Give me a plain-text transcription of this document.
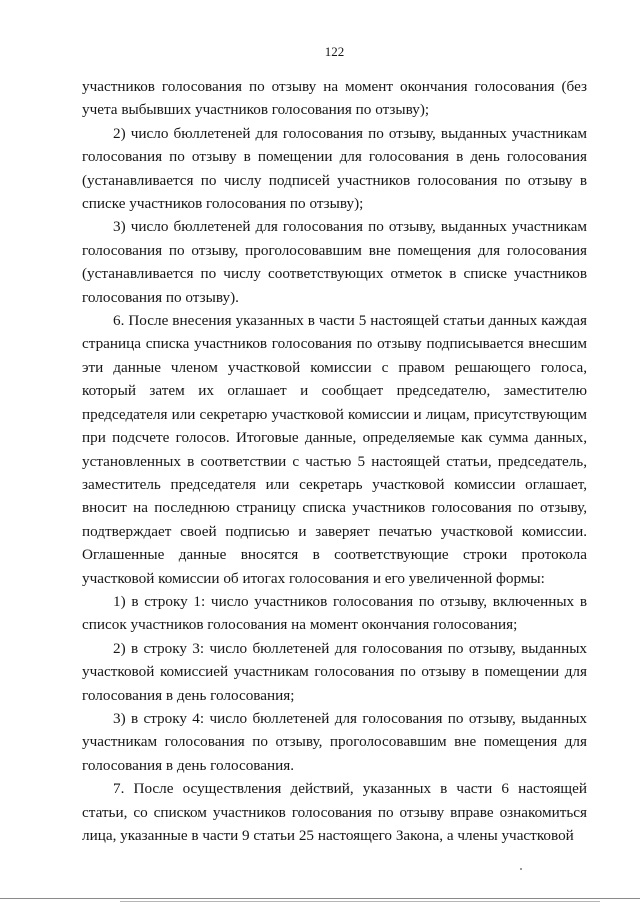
122

участников голосования по отзыву на момент окончания голосования (без учета выбывших участников голосования по отзыву);

2) число бюллетеней для голосования по отзыву, выданных участникам голосования по отзыву в помещении для голосования в день голосования (устанавливается по числу подписей участников голосования по отзыву в списке участников голосования по отзыву);

3) число бюллетеней для голосования по отзыву, выданных участникам голосования по отзыву, проголосовавшим вне помещения для голосования (устанавливается по числу соответствующих отметок в списке участников голосования по отзыву).

6. После внесения указанных в части 5 настоящей статьи данных каждая страница списка участников голосования по отзыву подписывается внесшим эти данные членом участковой комиссии с правом решающего голоса, который затем их оглашает и сообщает председателю, заместителю председателя или секретарю участковой комиссии и лицам, присутствующим при подсчете голосов. Итоговые данные, определяемые как сумма данных, установленных в соответствии с частью 5 настоящей статьи, председатель, заместитель председателя или секретарь участковой комиссии оглашает, вносит на последнюю страницу списка участников голосования по отзыву, подтверждает своей подписью и заверяет печатью участковой комиссии. Оглашенные данные вносятся в соответствующие строки протокола участковой комиссии об итогах голосования и его увеличенной формы:

1) в строку 1: число участников голосования по отзыву, включенных в список участников голосования на момент окончания голосования;

2) в строку 3: число бюллетеней для голосования по отзыву, выданных участковой комиссией участникам голосования по отзыву в помещении для голосования в день голосования;

3) в строку 4: число бюллетеней для голосования по отзыву, выданных участникам голосования по отзыву, проголосовавшим вне помещения для голосования в день голосования.

7. После осуществления действий, указанных в части 6 настоящей статьи, со списком участников голосования по отзыву вправе ознакомиться лица, указанные в части 9 статьи 25 настоящего Закона, а члены участковой
